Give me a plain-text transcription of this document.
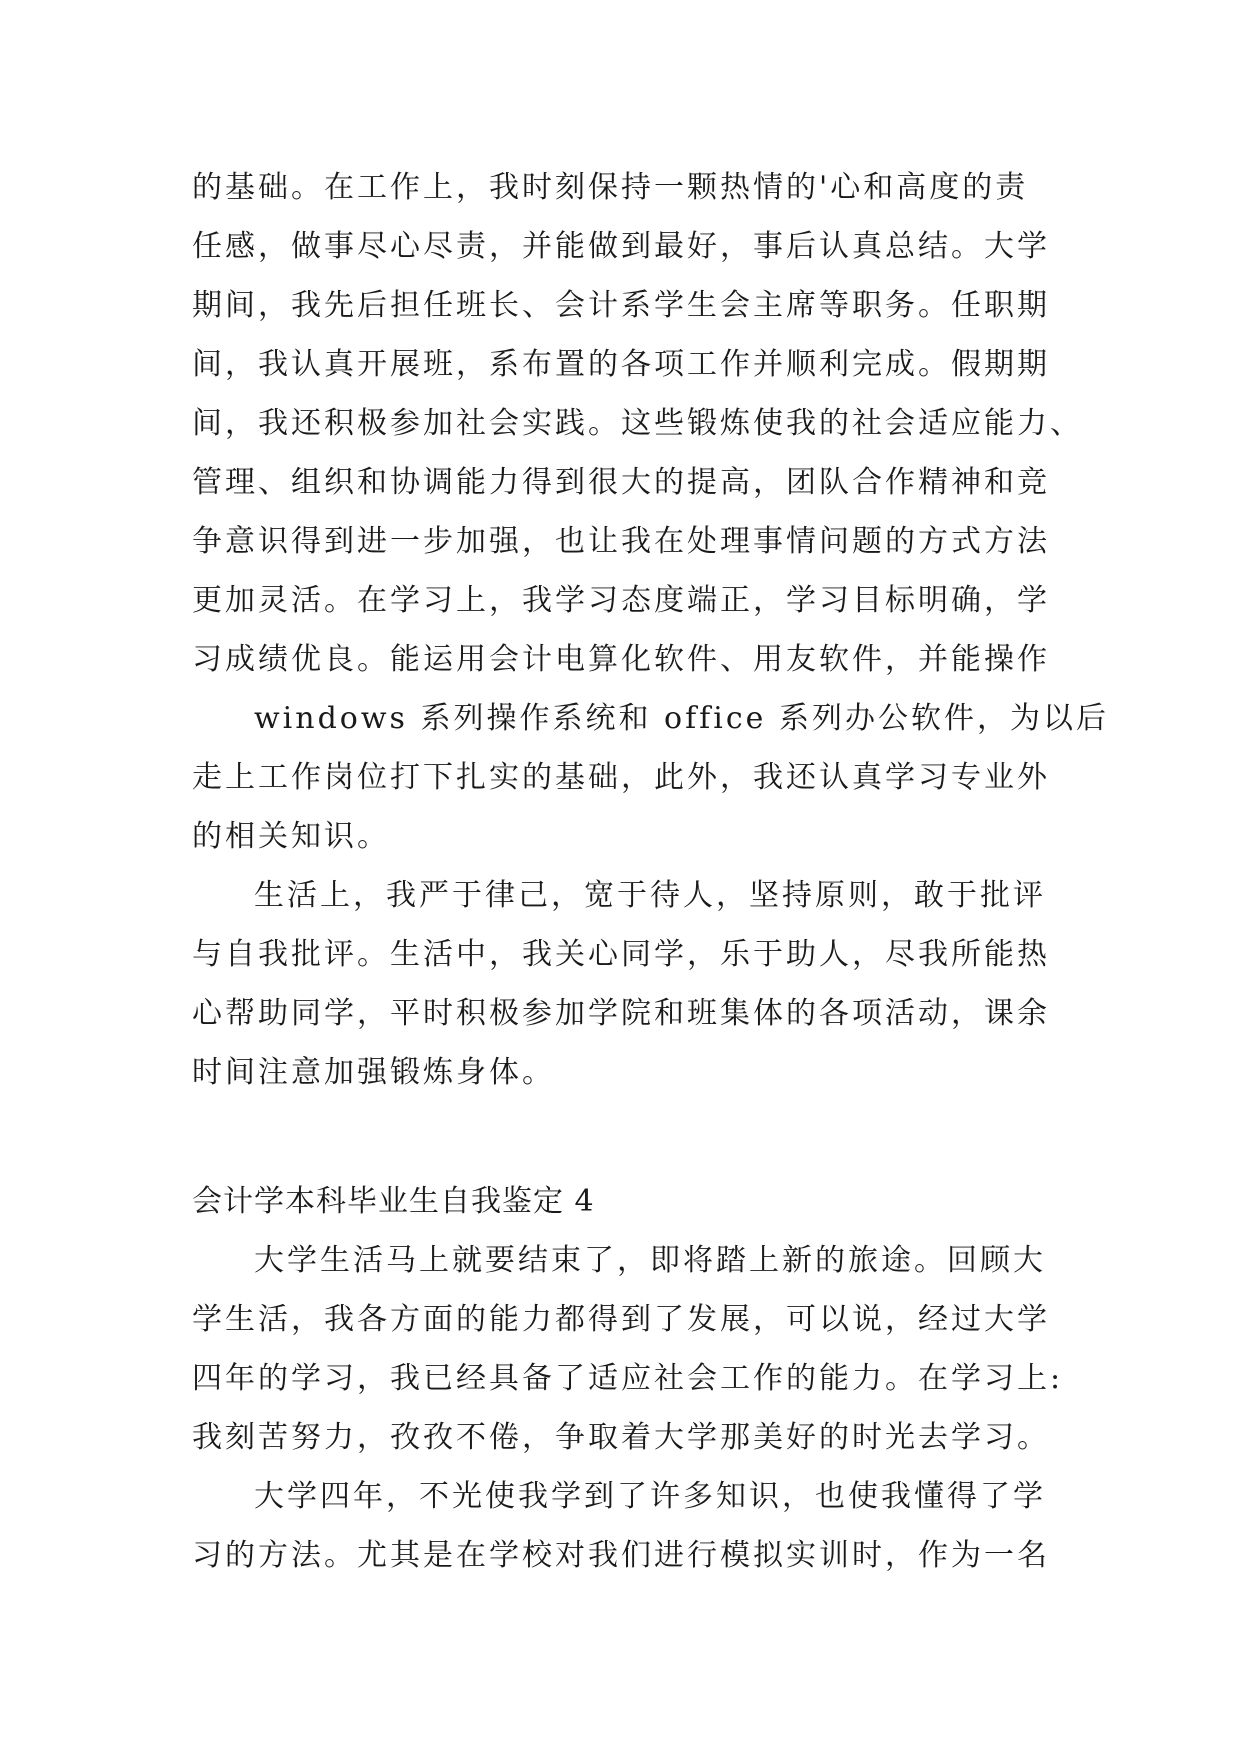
的基础。在工作上，我时刻保持一颗热情的'心和高度的责
任感，做事尽心尽责，并能做到最好，事后认真总结。大学
期间，我先后担任班长、会计系学生会主席等职务。任职期
间，我认真开展班，系布置的各项工作并顺利完成。假期期
间，我还积极参加社会实践。这些锻炼使我的社会适应能力、
管理、组织和协调能力得到很大的提高，团队合作精神和竞
争意识得到进一步加强，也让我在处理事情问题的方式方法
更加灵活。在学习上，我学习态度端正，学习目标明确，学
习成绩优良。能运用会计电算化软件、用友软件，并能操作
windows 系列操作系统和 office 系列办公软件，为以后
走上工作岗位打下扎实的基础，此外，我还认真学习专业外
的相关知识。
生活上，我严于律己，宽于待人，坚持原则，敢于批评
与自我批评。生活中，我关心同学，乐于助人，尽我所能热
心帮助同学，平时积极参加学院和班集体的各项活动，课余
时间注意加强锻炼身体。
会计学本科毕业生自我鉴定 4
大学生活马上就要结束了，即将踏上新的旅途。回顾大
学生活，我各方面的能力都得到了发展，可以说，经过大学
四年的学习，我已经具备了适应社会工作的能力。在学习上:
我刻苦努力，孜孜不倦，争取着大学那美好的时光去学习。
大学四年，不光使我学到了许多知识，也使我懂得了学
习的方法。尤其是在学校对我们进行模拟实训时，作为一名
